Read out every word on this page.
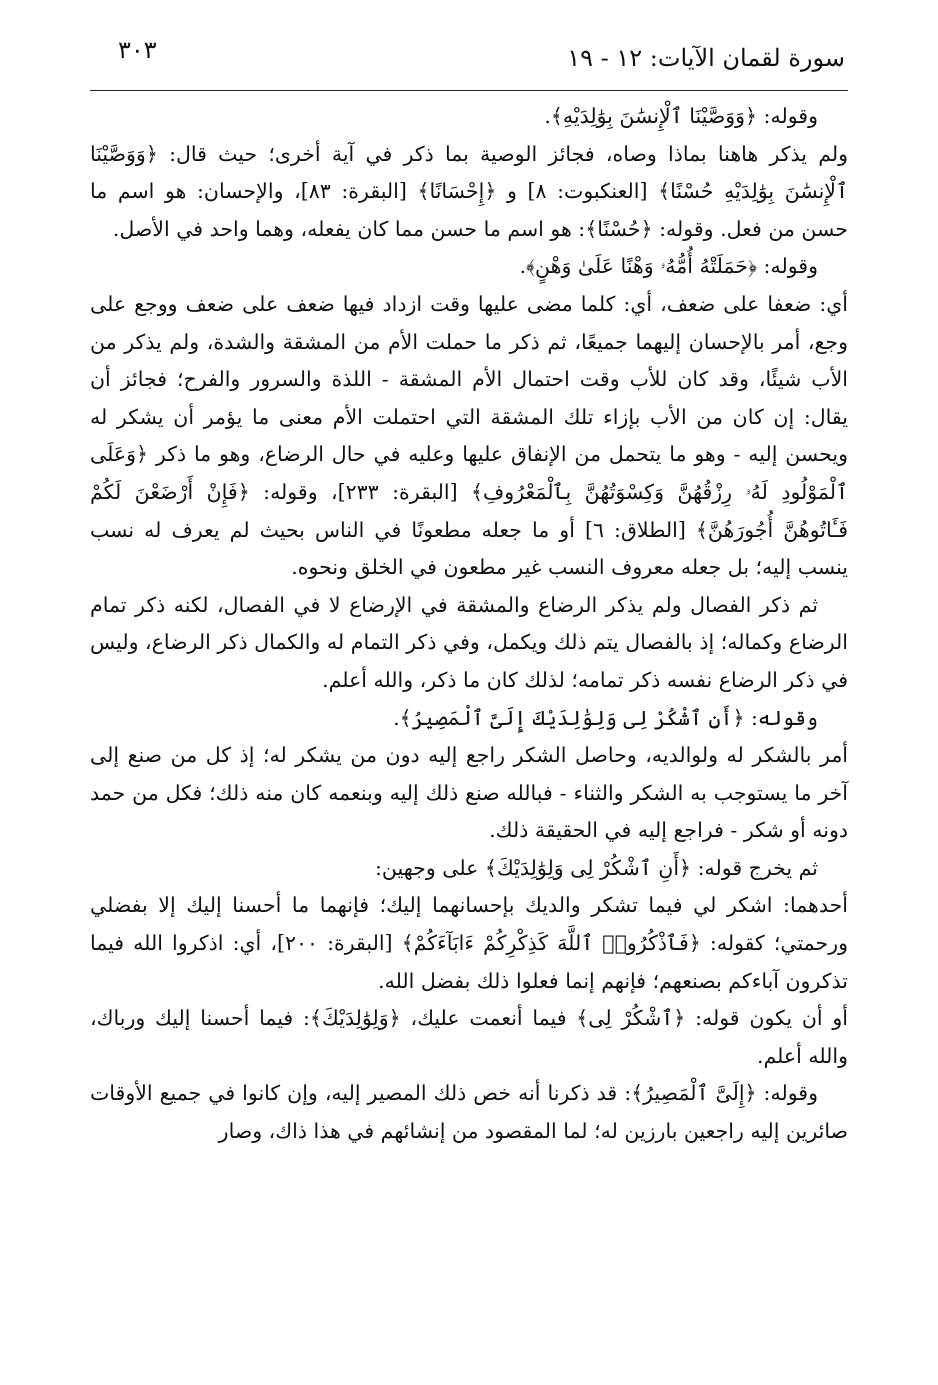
سورة لقمان الآيات: ١٢ - ١٩
٣٠٣

وقوله: ﴿وَوَصَّيْنَا ٱلْإِنسَٰنَ بِوَٰلِدَيْهِ﴾.

ولم يذكر هاهنا بماذا وصاه، فجائز الوصية بما ذكر في آية أخرى؛ حيث قال: ﴿وَوَصَّيْنَا ٱلْإِنسَٰنَ بِوَٰلِدَيْهِ حُسْنًا﴾ [العنكبوت: ٨] و ﴿إِحْسَانًا﴾ [البقرة: ٨٣]، والإحسان: هو اسم ما حسن من فعل. وقوله: ﴿حُسْنًا﴾: هو اسم ما حسن مما كان يفعله، وهما واحد في الأصل.

وقوله: ﴿حَمَلَتْهُ أُمُّهُۥ وَهْنًا عَلَىٰ وَهْنٍ﴾.

أي: ضعفا على ضعف، أي: كلما مضى عليها وقت ازداد فيها ضعف على ضعف ووجع على وجع، أمر بالإحسان إليهما جميعًا، ثم ذكر ما حملت الأم من المشقة والشدة، ولم يذكر من الأب شيئًا، وقد كان للأب وقت احتمال الأم المشقة - اللذة والسرور والفرح؛ فجائز أن يقال: إن كان من الأب بإزاء تلك المشقة التي احتملت الأم معنى ما يؤمر أن يشكر له ويحسن إليه - وهو ما يتحمل من الإنفاق عليها وعليه في حال الرضاع، وهو ما ذكر ﴿وَعَلَى ٱلْمَوْلُودِ لَهُۥ رِزْقُهُنَّ وَكِسْوَتُهُنَّ بِٱلْمَعْرُوفِ﴾ [البقرة: ٢٣٣]، وقوله: ﴿فَإِنْ أَرْضَعْنَ لَكُمْ فَـَٔاتُوهُنَّ أُجُورَهُنَّ﴾ [الطلاق: ٦] أو ما جعله مطعونًا في الناس بحيث لم يعرف له نسب ينسب إليه؛ بل جعله معروف النسب غير مطعون في الخلق ونحوه.

ثم ذكر الفصال ولم يذكر الرضاع والمشقة في الإرضاع لا في الفصال، لكنه ذكر تمام الرضاع وكماله؛ إذ بالفصال يتم ذلك ويكمل، وفي ذكر التمام له والكمال ذكر الرضاع، وليس في ذكر الرضاع نفسه ذكر تمامه؛ لذلك كان ما ذكر، والله أعلم.

وقوله: ﴿أَنِ ٱشْكُرْ لِى وَلِوَٰلِدَيْكَ إِلَىَّ ٱلْمَصِيرُ﴾.

أمر بالشكر له ولوالديه، وحاصل الشكر راجع إليه دون من يشكر له؛ إذ كل من صنع إلى آخر ما يستوجب به الشكر والثناء - فبالله صنع ذلك إليه وبنعمه كان منه ذلك؛ فكل من حمد دونه أو شكر - فراجع إليه في الحقيقة ذلك.

ثم يخرج قوله: ﴿أَنِ ٱشْكُرْ لِى وَلِوَٰلِدَيْكَ﴾ على وجهين:

أحدهما: اشكر لي فيما تشكر والديك بإحسانهما إليك؛ فإنهما ما أحسنا إليك إلا بفضلي ورحمتي؛ كقوله: ﴿فَٱذْكُرُوا۟ ٱللَّهَ كَذِكْرِكُمْ ءَابَآءَكُمْ﴾ [البقرة: ٢٠٠]، أي: اذكروا الله فيما تذكرون آباءكم بصنعهم؛ فإنهم إنما فعلوا ذلك بفضل الله.

أو أن يكون قوله: ﴿ٱشْكُرْ لِى﴾ فيما أنعمت عليك، ﴿وَلِوَٰلِدَيْكَ﴾: فيما أحسنا إليك ورباك، والله أعلم.

وقوله: ﴿إِلَىَّ ٱلْمَصِيرُ﴾: قد ذكرنا أنه خص ذلك المصير إليه، وإن كانوا في جميع الأوقات صائرين إليه راجعين بارزين له؛ لما المقصود من إنشائهم في هذا ذاك، وصار
